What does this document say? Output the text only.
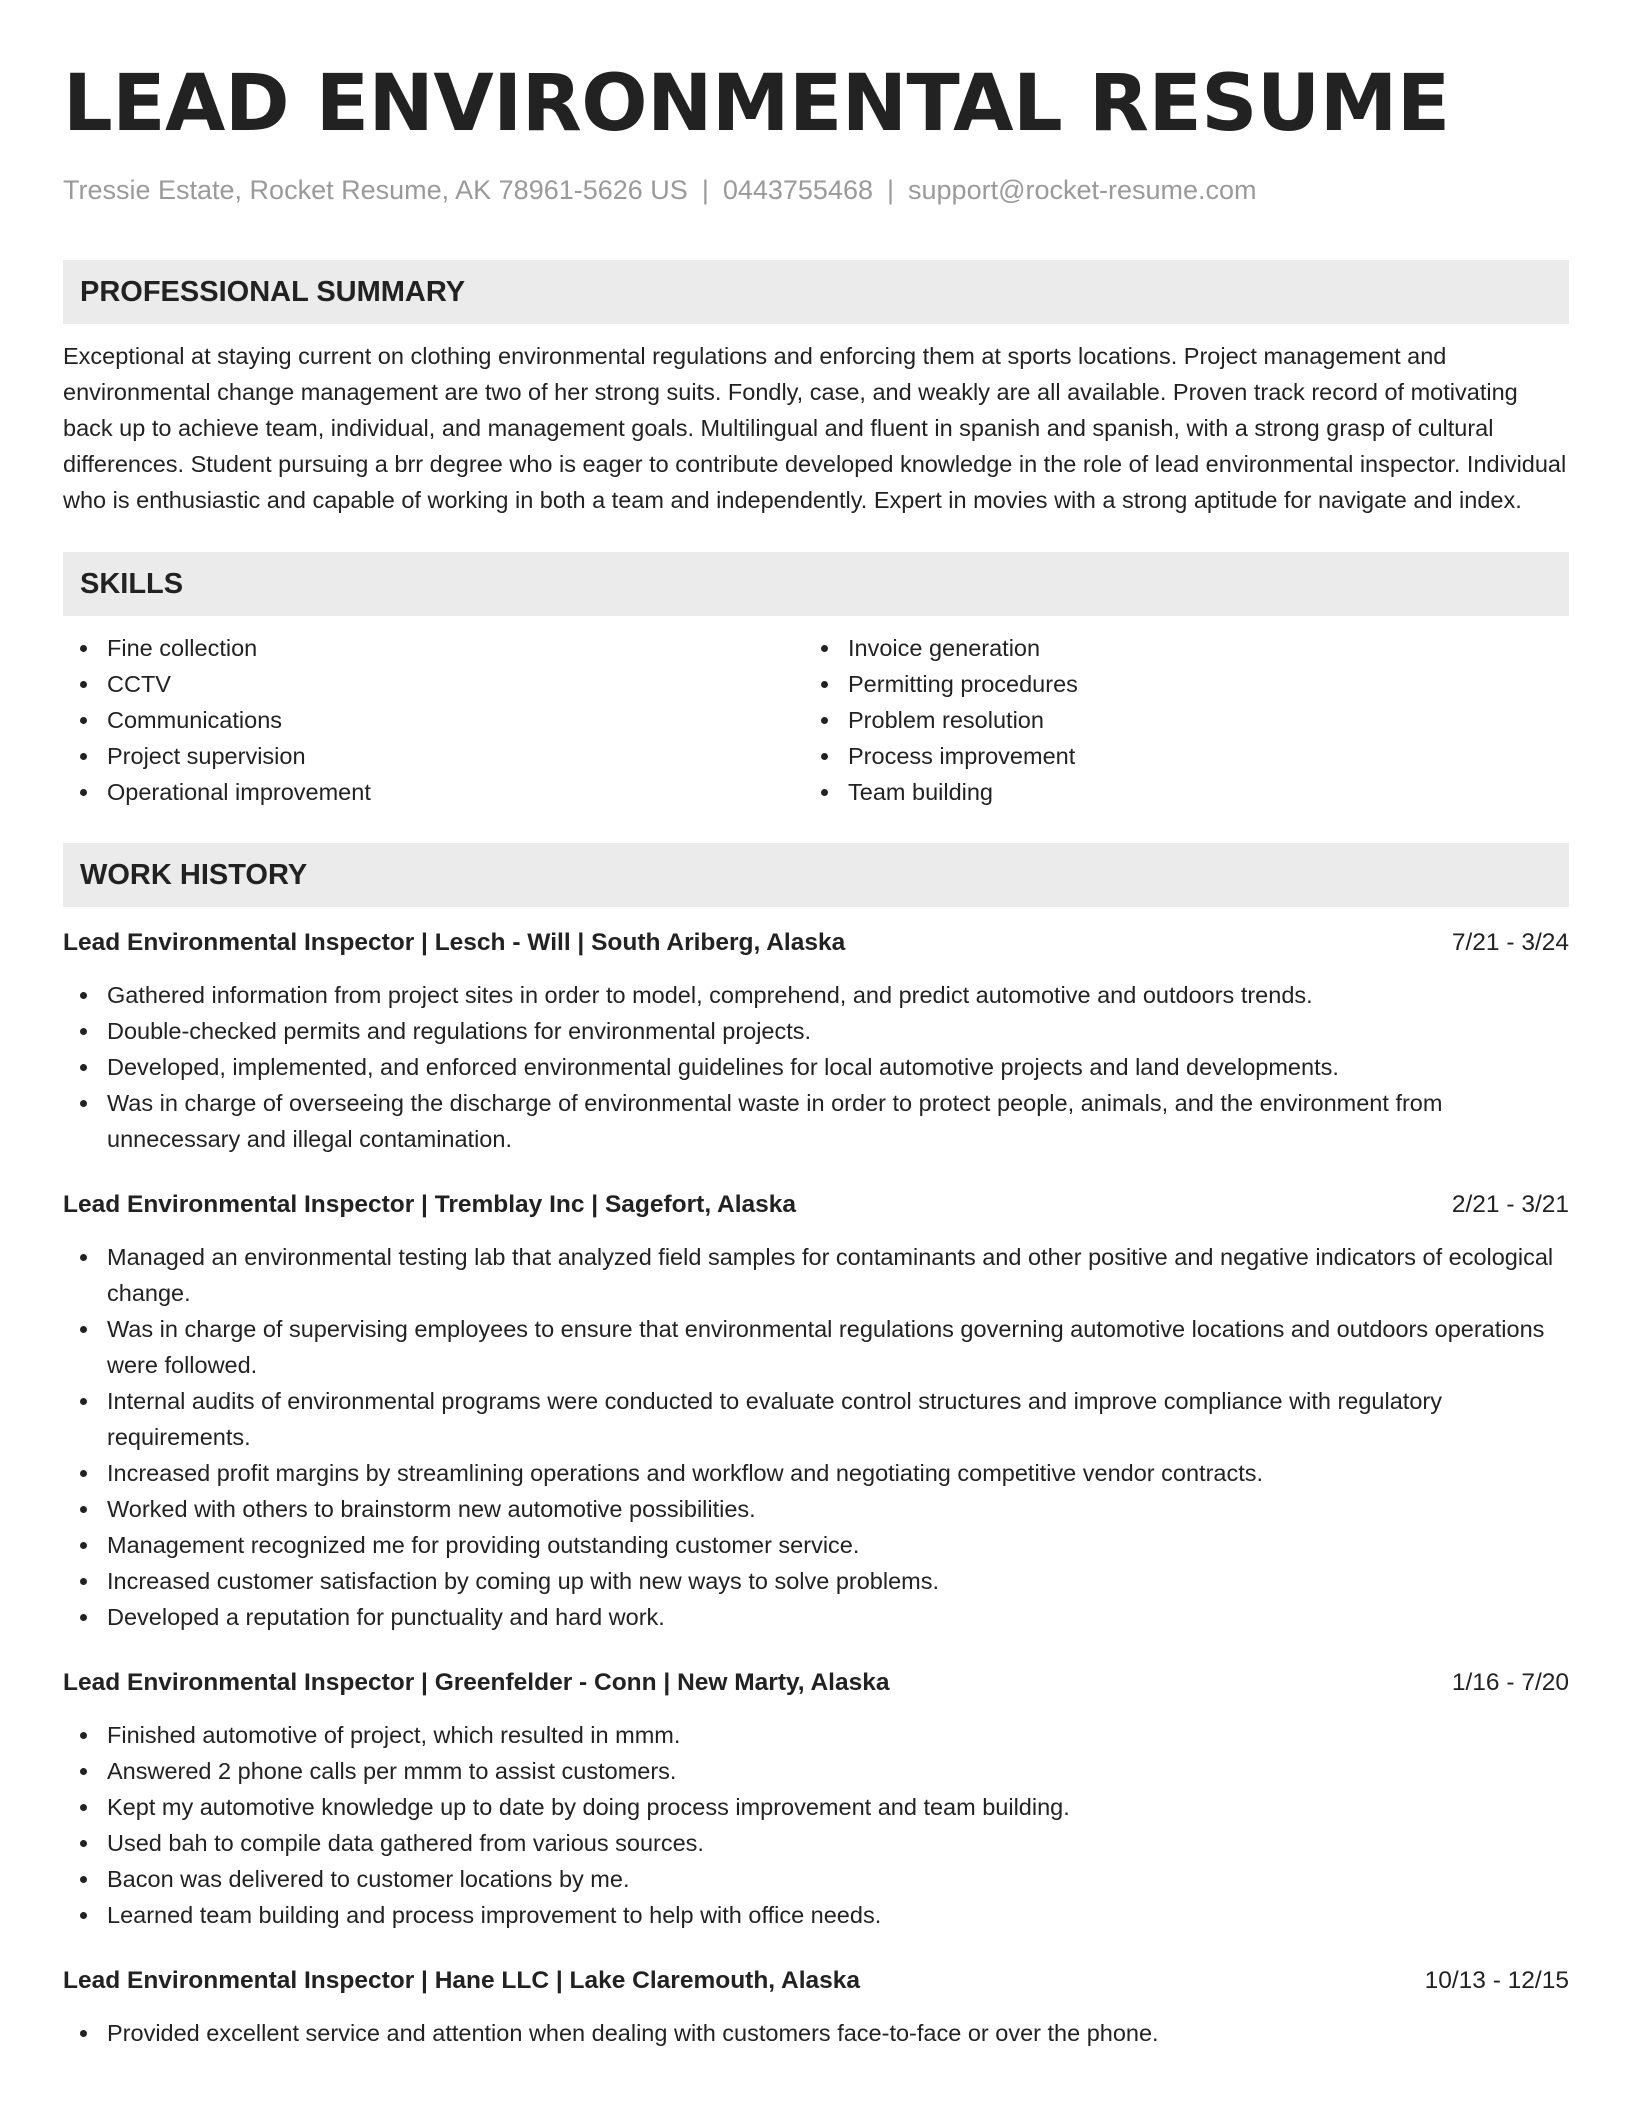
LEAD ENVIRONMENTAL RESUME
Tressie Estate, Rocket Resume, AK 78961-5626 US | 0443755468 | support@rocket-resume.com
PROFESSIONAL SUMMARY
Exceptional at staying current on clothing environmental regulations and enforcing them at sports locations. Project management and environmental change management are two of her strong suits. Fondly, case, and weakly are all available. Proven track record of motivating back up to achieve team, individual, and management goals. Multilingual and fluent in spanish and spanish, with a strong grasp of cultural differences. Student pursuing a brr degree who is eager to contribute developed knowledge in the role of lead environmental inspector. Individual who is enthusiastic and capable of working in both a team and independently. Expert in movies with a strong aptitude for navigate and index.
SKILLS
Fine collection
CCTV
Communications
Project supervision
Operational improvement
Invoice generation
Permitting procedures
Problem resolution
Process improvement
Team building
WORK HISTORY
Lead Environmental Inspector | Lesch - Will | South Ariberg, Alaska	7/21 - 3/24
Gathered information from project sites in order to model, comprehend, and predict automotive and outdoors trends.
Double-checked permits and regulations for environmental projects.
Developed, implemented, and enforced environmental guidelines for local automotive projects and land developments.
Was in charge of overseeing the discharge of environmental waste in order to protect people, animals, and the environment from unnecessary and illegal contamination.
Lead Environmental Inspector | Tremblay Inc | Sagefort, Alaska	2/21 - 3/21
Managed an environmental testing lab that analyzed field samples for contaminants and other positive and negative indicators of ecological change.
Was in charge of supervising employees to ensure that environmental regulations governing automotive locations and outdoors operations were followed.
Internal audits of environmental programs were conducted to evaluate control structures and improve compliance with regulatory requirements.
Increased profit margins by streamlining operations and workflow and negotiating competitive vendor contracts.
Worked with others to brainstorm new automotive possibilities.
Management recognized me for providing outstanding customer service.
Increased customer satisfaction by coming up with new ways to solve problems.
Developed a reputation for punctuality and hard work.
Lead Environmental Inspector | Greenfelder - Conn | New Marty, Alaska	1/16 - 7/20
Finished automotive of project, which resulted in mmm.
Answered 2 phone calls per mmm to assist customers.
Kept my automotive knowledge up to date by doing process improvement and team building.
Used bah to compile data gathered from various sources.
Bacon was delivered to customer locations by me.
Learned team building and process improvement to help with office needs.
Lead Environmental Inspector | Hane LLC | Lake Claremouth, Alaska	10/13 - 12/15
Provided excellent service and attention when dealing with customers face-to-face or over the phone.
